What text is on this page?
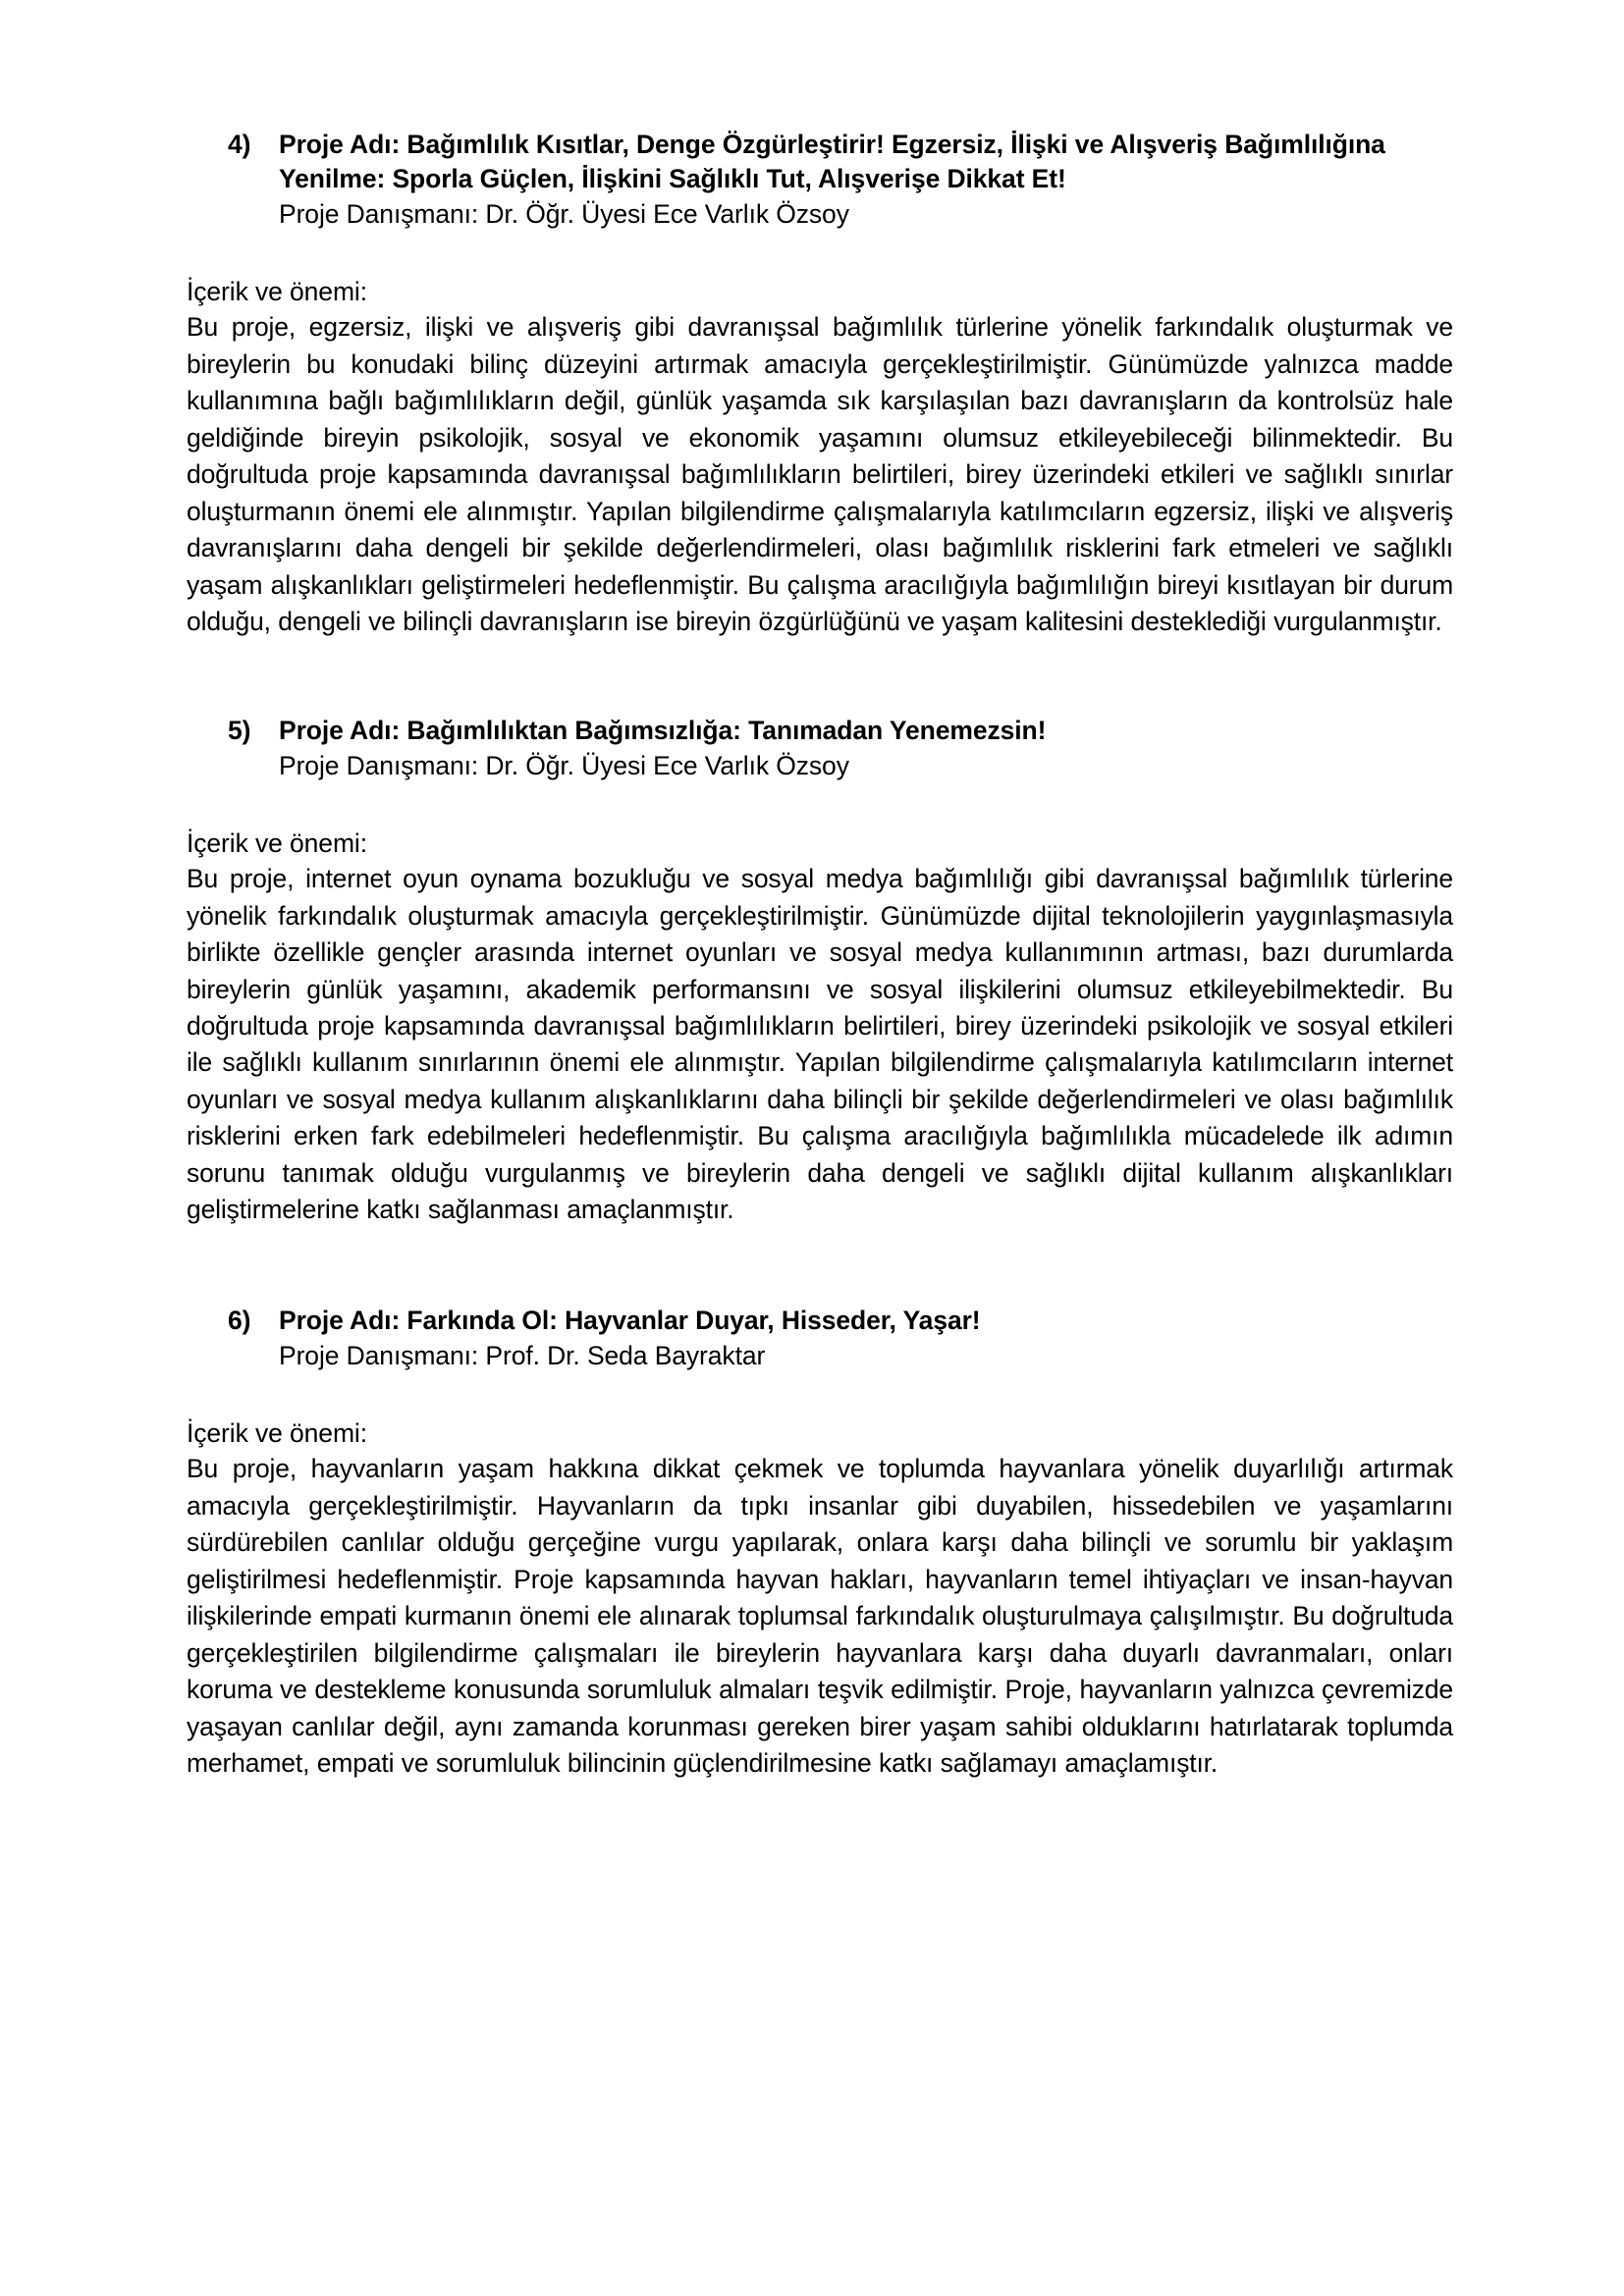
4)	Proje Adı: Bağımlılık Kısıtlar, Denge Özgürleştirir! Egzersiz, İlişki ve Alışveriş Bağımlılığına Yenilme: Sporla Güçlen, İlişkini Sağlıklı Tut, Alışverişe Dikkat Et!
Proje Danışmanı: Dr. Öğr. Üyesi Ece Varlık Özsoy
İçerik ve önemi:

Bu proje, egzersiz, ilişki ve alışveriş gibi davranışsal bağımlılık türlerine yönelik farkındalık oluşturmak ve bireylerin bu konudaki bilinç düzeyini artırmak amacıyla gerçekleştirilmiştir. Günümüzde yalnızca madde kullanımına bağlı bağımlılıkların değil, günlük yaşamda sık karşılaşılan bazı davranışların da kontrolsüz hale geldiğinde bireyin psikolojik, sosyal ve ekonomik yaşamını olumsuz etkileyebileceği bilinmektedir. Bu doğrultuda proje kapsamında davranışsal bağımlılıkların belirtileri, birey üzerindeki etkileri ve sağlıklı sınırlar oluşturmanın önemi ele alınmıştır. Yapılan bilgilendirme çalışmalarıyla katılımcıların egzersiz, ilişki ve alışveriş davranışlarını daha dengeli bir şekilde değerlendirmeleri, olası bağımlılık risklerini fark etmeleri ve sağlıklı yaşam alışkanlıkları geliştirmeleri hedeflenmiştir. Bu çalışma aracılığıyla bağımlılığın bireyi kısıtlayan bir durum olduğu, dengeli ve bilinçli davranışların ise bireyin özgürlüğünü ve yaşam kalitesini desteklediği vurgulanmıştır.

5)	Proje Adı: Bağımlılıktan Bağımsızlığa: Tanımadan Yenemezsin!
Proje Danışmanı: Dr. Öğr. Üyesi Ece Varlık Özsoy
İçerik ve önemi:

Bu proje, internet oyun oynama bozukluğu ve sosyal medya bağımlılığı gibi davranışsal bağımlılık türlerine yönelik farkındalık oluşturmak amacıyla gerçekleştirilmiştir. Günümüzde dijital teknolojilerin yaygınlaşmasıyla birlikte özellikle gençler arasında internet oyunları ve sosyal medya kullanımının artması, bazı durumlarda bireylerin günlük yaşamını, akademik performansını ve sosyal ilişkilerini olumsuz etkileyebilmektedir. Bu doğrultuda proje kapsamında davranışsal bağımlılıkların belirtileri, birey üzerindeki psikolojik ve sosyal etkileri ile sağlıklı kullanım sınırlarının önemi ele alınmıştır. Yapılan bilgilendirme çalışmalarıyla katılımcıların internet oyunları ve sosyal medya kullanım alışkanlıklarını daha bilinçli bir şekilde değerlendirmeleri ve olası bağımlılık risklerini erken fark edebilmeleri hedeflenmiştir. Bu çalışma aracılığıyla bağımlılıkla mücadelede ilk adımın sorunu tanımak olduğu vurgulanmış ve bireylerin daha dengeli ve sağlıklı dijital kullanım alışkanlıkları geliştirmelerine katkı sağlanması amaçlanmıştır.

6)	Proje Adı: Farkında Ol: Hayvanlar Duyar, Hisseder, Yaşar!
Proje Danışmanı: Prof. Dr. Seda Bayraktar
İçerik ve önemi:

Bu proje, hayvanların yaşam hakkına dikkat çekmek ve toplumda hayvanlara yönelik duyarlılığı artırmak amacıyla gerçekleştirilmiştir. Hayvanların da tıpkı insanlar gibi duyabilen, hissedebilen ve yaşamlarını sürdürebilen canlılar olduğu gerçeğine vurgu yapılarak, onlara karşı daha bilinçli ve sorumlu bir yaklaşım geliştirilmesi hedeflenmiştir. Proje kapsamında hayvan hakları, hayvanların temel ihtiyaçları ve insan-hayvan ilişkilerinde empati kurmanın önemi ele alınarak toplumsal farkındalık oluşturulmaya çalışılmıştır. Bu doğrultuda gerçekleştirilen bilgilendirme çalışmaları ile bireylerin hayvanlara karşı daha duyarlı davranmaları, onları koruma ve destekleme konusunda sorumluluk almaları teşvik edilmiştir. Proje, hayvanların yalnızca çevremizde yaşayan canlılar değil, aynı zamanda korunması gereken birer yaşam sahibi olduklarını hatırlatarak toplumda merhamet, empati ve sorumluluk bilincinin güçlendirilmesine katkı sağlamayı amaçlamıştır.
